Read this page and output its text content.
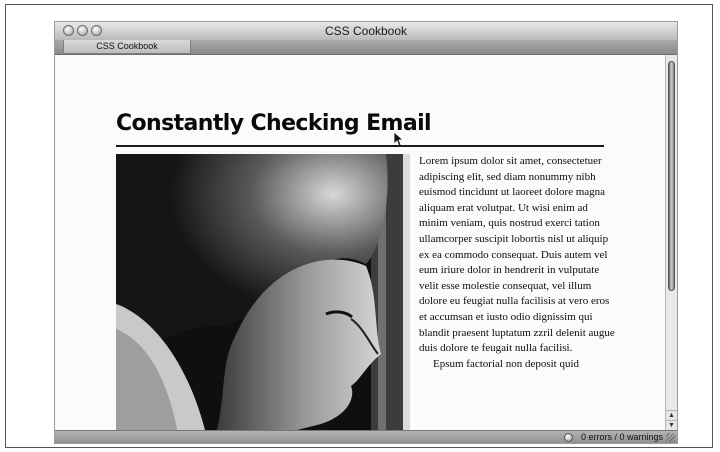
CSS Cookbook
CSS Cookbook
Constantly Checking Email

Lorem ipsum dolor sit amet, consectetuer adipiscing elit, sed diam nonummy nibh euismod tincidunt ut laoreet dolore magna aliquam erat volutpat. Ut wisi enim ad minim veniam, quis nostrud exerci tation ullamcorper suscipit lobortis nisl ut aliquip ex ea commodo consequat. Duis autem vel eum iriure dolor in hendrerit in vulputate velit esse molestie consequat, vel illum dolore eu feugiat nulla facilisis at vero eros et accumsan et iusto odio dignissim qui blandit praesent luptatum zzril delenit augue duis dolore te feugait nulla facilisi.

Epsum factorial non deposit quid

▲
▼
0 errors / 0 warnings
